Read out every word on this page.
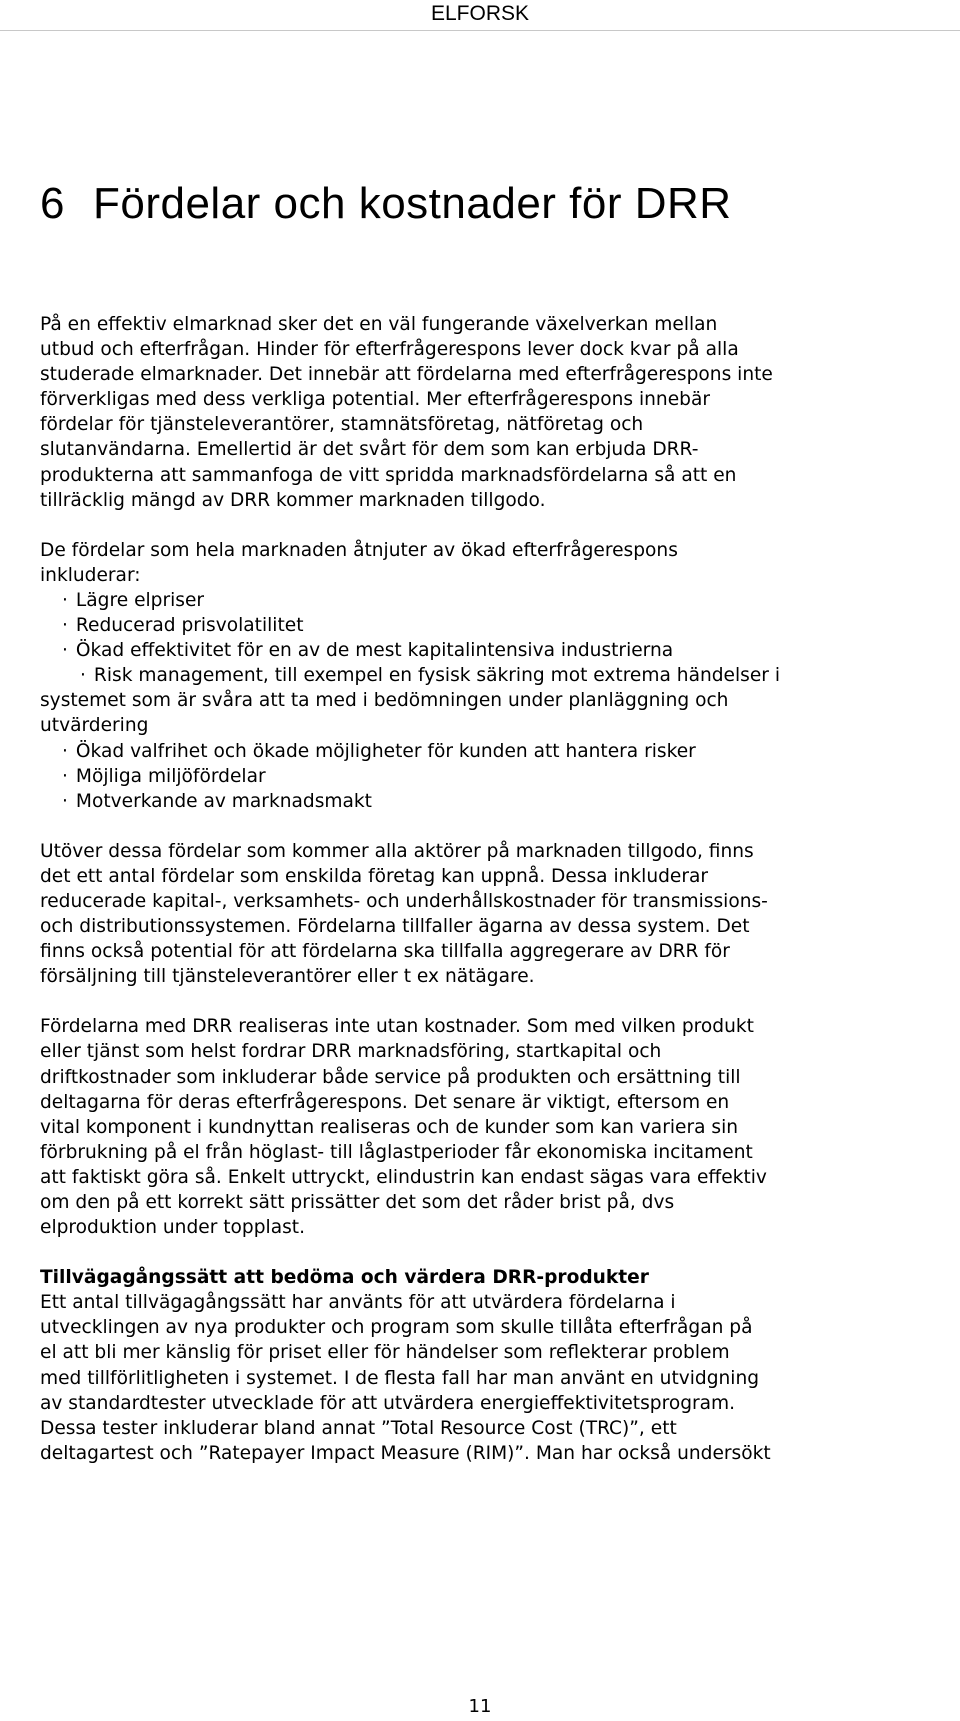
ELFORSK
6 Fördelar och kostnader för DRR

På en effektiv elmarknad sker det en väl fungerande växelverkan mellan
utbud och efterfrågan. Hinder för efterfrågerespons lever dock kvar på alla
studerade elmarknader. Det innebär att fördelarna med efterfrågerespons inte
förverkligas med dess verkliga potential. Mer efterfrågerespons innebär
fördelar för tjänsteleverantörer, stamnätsföretag, nätföretag och
slutanvändarna. Emellertid är det svårt för dem som kan erbjuda DRR-
produkterna att sammanfoga de vitt spridda marknadsfördelarna så att en
tillräcklig mängd av DRR kommer marknaden tillgodo.

De fördelar som hela marknaden åtnjuter av ökad efterfrågerespons
inkluderar:
· Lägre elpriser
· Reducerad prisvolatilitet
· Ökad effektivitet för en av de mest kapitalintensiva industrierna
· Risk management, till exempel en fysisk säkring mot extrema händelser i
systemet som är svåra att ta med i bedömningen under planläggning och
utvärdering
· Ökad valfrihet och ökade möjligheter för kunden att hantera risker
· Möjliga miljöfördelar
· Motverkande av marknadsmakt

Utöver dessa fördelar som kommer alla aktörer på marknaden tillgodo, finns
det ett antal fördelar som enskilda företag kan uppnå. Dessa inkluderar
reducerade kapital-, verksamhets- och underhållskostnader för transmissions-
och distributionssystemen. Fördelarna tillfaller ägarna av dessa system. Det
finns också potential för att fördelarna ska tillfalla aggregerare av DRR för
försäljning till tjänsteleverantörer eller t ex nätägare.

Fördelarna med DRR realiseras inte utan kostnader. Som med vilken produkt
eller tjänst som helst fordrar DRR marknadsföring, startkapital och
driftkostnader som inkluderar både service på produkten och ersättning till
deltagarna för deras efterfrågerespons. Det senare är viktigt, eftersom en
vital komponent i kundnyttan realiseras och de kunder som kan variera sin
förbrukning på el från höglast- till låglastperioder får ekonomiska incitament
att faktiskt göra så. Enkelt uttryckt, elindustrin kan endast sägas vara effektiv
om den på ett korrekt sätt prissätter det som det råder brist på, dvs
elproduktion under topplast.

Tillvägagångssätt att bedöma och värdera DRR-produkter
Ett antal tillvägagångssätt har använts för att utvärdera fördelarna i
utvecklingen av nya produkter och program som skulle tillåta efterfrågan på
el att bli mer känslig för priset eller för händelser som reflekterar problem
med tillförlitligheten i systemet. I de flesta fall har man använt en utvidgning
av standardtester utvecklade för att utvärdera energieffektivitetsprogram.
Dessa tester inkluderar bland annat ”Total Resource Cost (TRC)”, ett
deltagartest och ”Ratepayer Impact Measure (RIM)”. Man har också undersökt
11
